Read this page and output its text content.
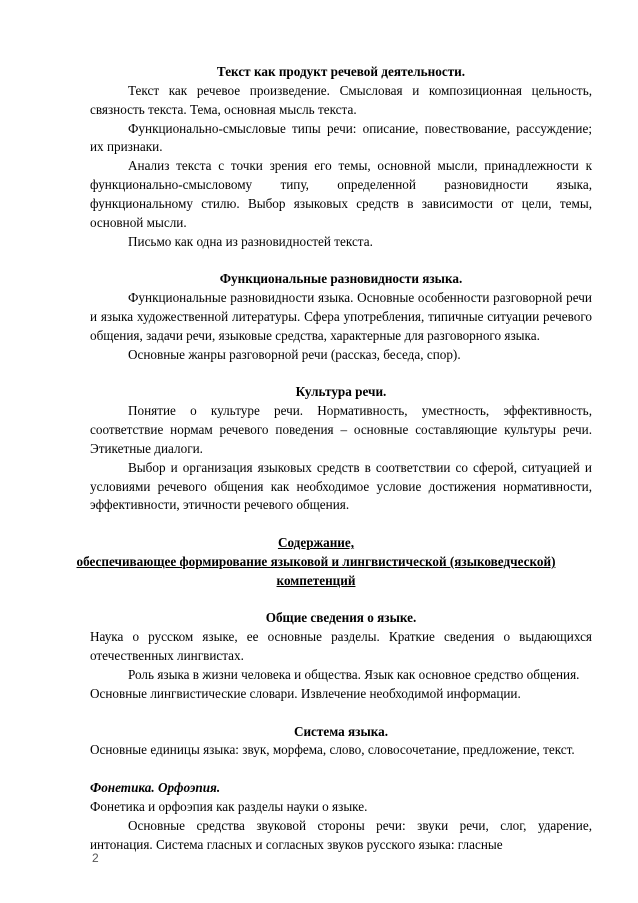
Текст как продукт речевой деятельности.

Текст как речевое произведение. Смысловая и композиционная цельность, связность текста. Тема, основная мысль текста.

Функционально-смысловые типы речи: описание, повествование, рассуждение; их признаки.

Анализ текста с точки зрения его темы, основной мысли, принадлежности к функционально-смысловому типу, определенной разновидности языка, функциональному стилю. Выбор языковых средств в зависимости от цели, темы, основной мысли.

Письмо как одна из разновидностей текста.

Функциональные разновидности языка.

Функциональные разновидности языка. Основные особенности разговорной речи и языка художественной литературы. Сфера употребления, типичные ситуации речевого общения, задачи речи, языковые средства, характерные для разговорного языка.

Основные жанры разговорной речи (рассказ, беседа, спор).

Культура речи.

Понятие о культуре речи. Нормативность, уместность, эффективность, соответствие нормам речевого поведения – основные составляющие культуры речи. Этикетные диалоги.

Выбор и организация языковых средств в соответствии со сферой, ситуацией и условиями речевого общения как необходимое условие достижения нормативности, эффективности, этичности речевого общения.

Содержание,

обеспечивающее формирование языковой и лингвистической (языковедческой)

компетенций

Общие сведения о языке.

Наука о русском языке, ее основные разделы. Краткие сведения о выдающихся отечественных лингвистах.

Роль языка в жизни человека и общества. Язык как основное средство общения.

Основные лингвистические словари. Извлечение необходимой информации.

Система языка.

Основные единицы языка: звук, морфема, слово, словосочетание, предложение, текст.

Фонетика. Орфоэпия.

Фонетика и орфоэпия как разделы науки о языке.

Основные средства звуковой стороны речи: звуки речи, слог, ударение, интонация. Система гласных и согласных звуков русского языка: гласные

2
